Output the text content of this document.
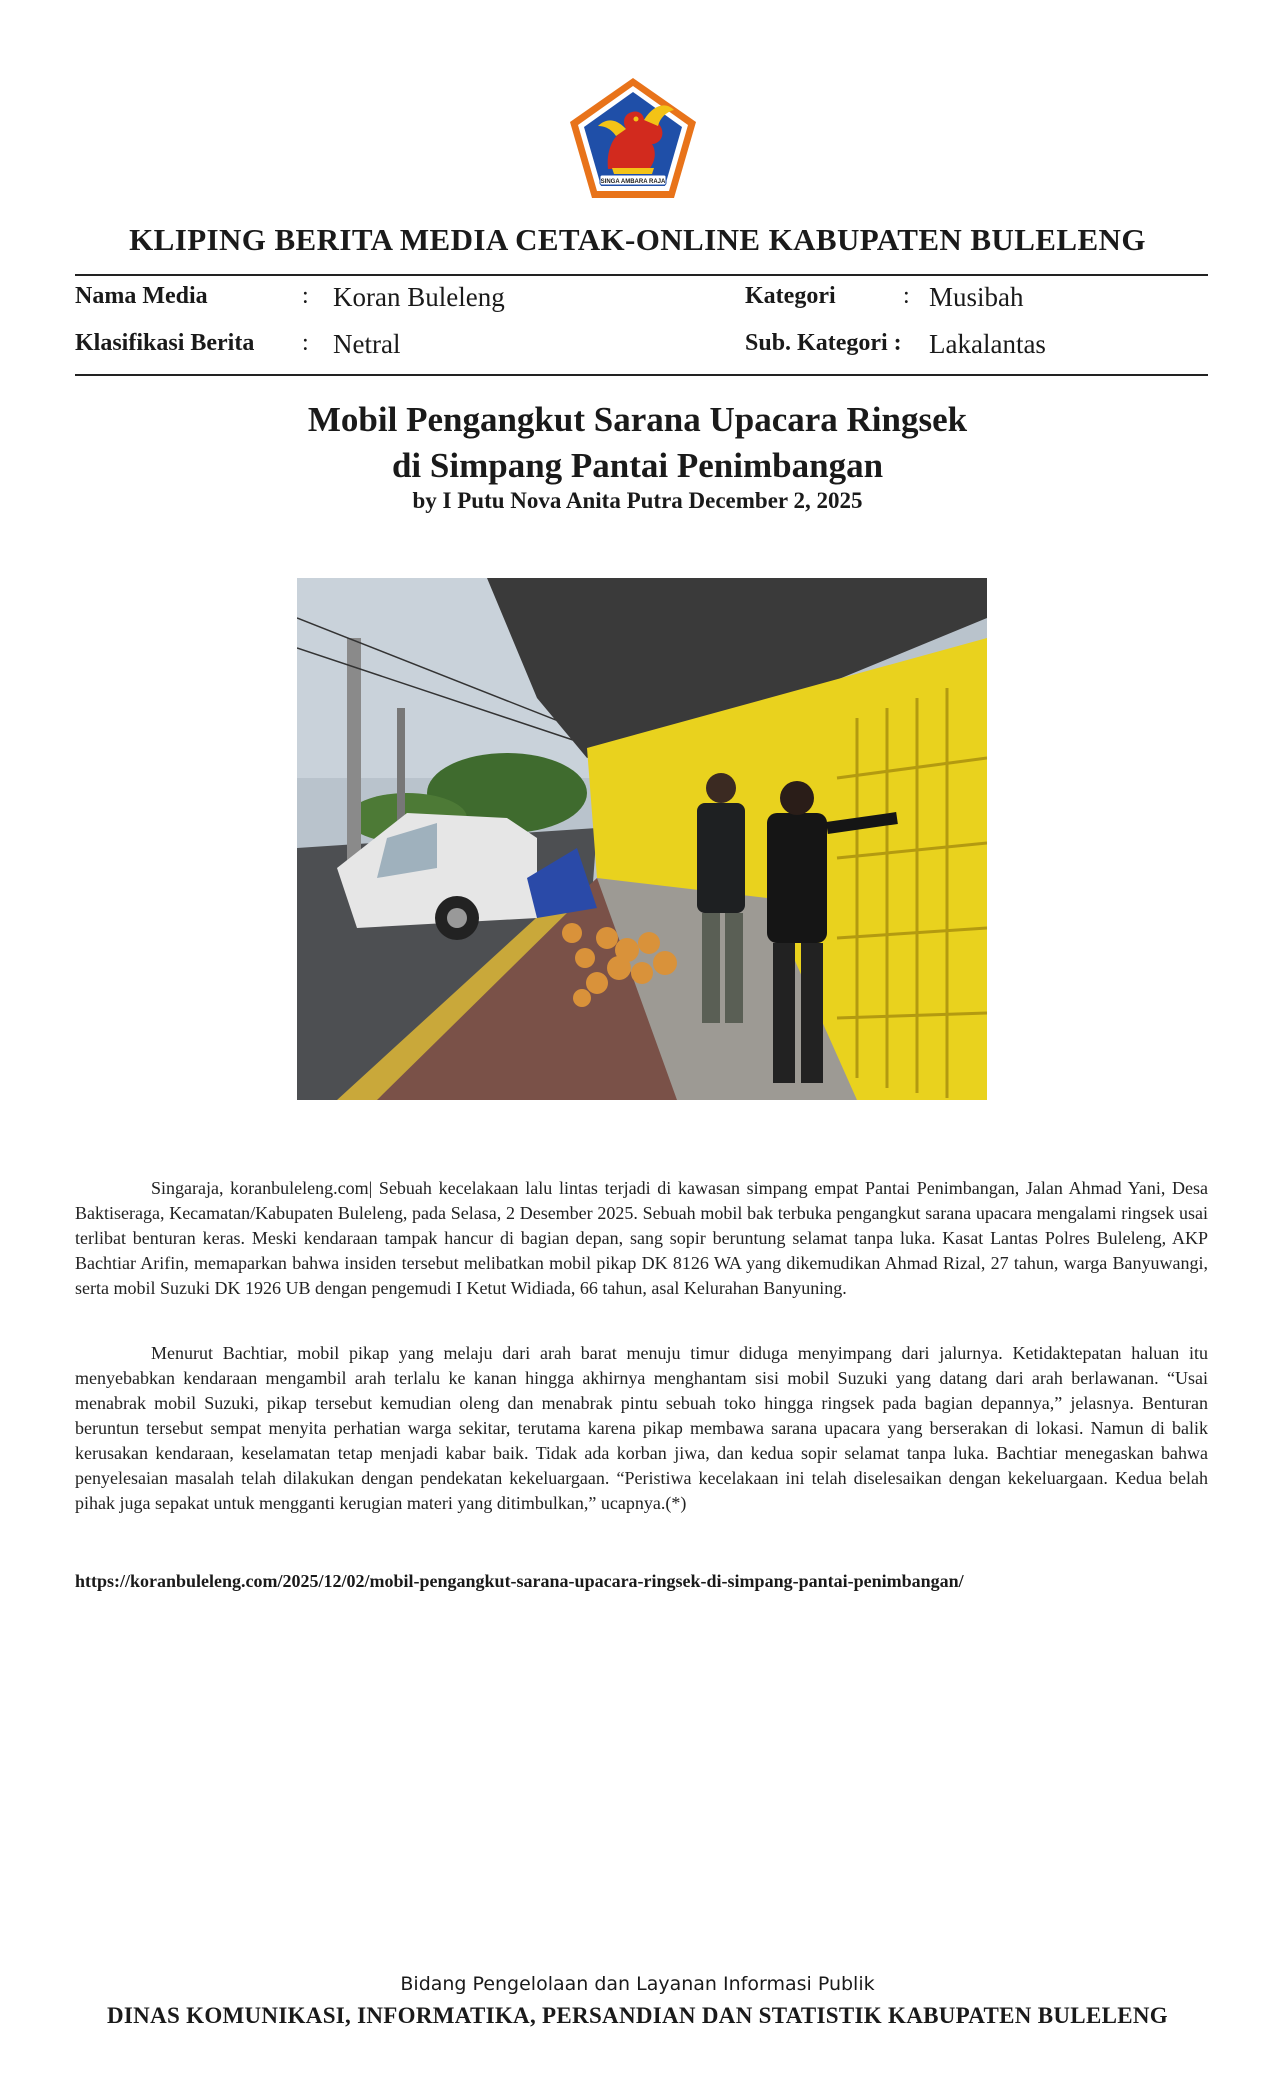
SINGA AMBARA RAJA
KLIPING BERITA MEDIA CETAK-ONLINE KABUPATEN BULELENG
Nama Media	: Koran Buleleng	Kategori	: Musibah
Klasifikasi Berita : Netral	Sub. Kategori : Lakalantas
Mobil Pengangkut Sarana Upacara Ringsek
di Simpang Pantai Penimbangan
by I Putu Nova Anita Putra December 2, 2025
Singaraja, koranbuleleng.com| Sebuah kecelakaan lalu lintas terjadi di kawasan simpang empat Pantai Penimbangan, Jalan Ahmad Yani, Desa Baktiseraga, Kecamatan/Kabupaten Buleleng, pada Selasa, 2 Desember 2025. Sebuah mobil bak terbuka pengangkut sarana upacara mengalami ringsek usai terlibat benturan keras. Meski kendaraan tampak hancur di bagian depan, sang sopir beruntung selamat tanpa luka. Kasat Lantas Polres Buleleng, AKP Bachtiar Arifin, memaparkan bahwa insiden tersebut melibatkan mobil pikap DK 8126 WA yang dikemudikan Ahmad Rizal, 27 tahun, warga Banyuwangi, serta mobil Suzuki DK 1926 UB dengan pengemudi I Ketut Widiada, 66 tahun, asal Kelurahan Banyuning.
Menurut Bachtiar, mobil pikap yang melaju dari arah barat menuju timur diduga menyimpang dari jalurnya. Ketidaktepatan haluan itu menyebabkan kendaraan mengambil arah terlalu ke kanan hingga akhirnya menghantam sisi mobil Suzuki yang datang dari arah berlawanan. “Usai menabrak mobil Suzuki, pikap tersebut kemudian oleng dan menabrak pintu sebuah toko hingga ringsek pada bagian depannya,” jelasnya. Benturan beruntun tersebut sempat menyita perhatian warga sekitar, terutama karena pikap membawa sarana upacara yang berserakan di lokasi. Namun di balik kerusakan kendaraan, keselamatan tetap menjadi kabar baik. Tidak ada korban jiwa, dan kedua sopir selamat tanpa luka. Bachtiar menegaskan bahwa penyelesaian masalah telah dilakukan dengan pendekatan kekeluargaan. “Peristiwa kecelakaan ini telah diselesaikan dengan kekeluargaan. Kedua belah pihak juga sepakat untuk mengganti kerugian materi yang ditimbulkan,” ucapnya.(*)
https://koranbuleleng.com/2025/12/02/mobil-pengangkut-sarana-upacara-ringsek-di-simpang-pantai-penimbangan/
Bidang Pengelolaan dan Layanan Informasi Publik
DINAS KOMUNIKASI, INFORMATIKA, PERSANDIAN DAN STATISTIK KABUPATEN BULELENG
